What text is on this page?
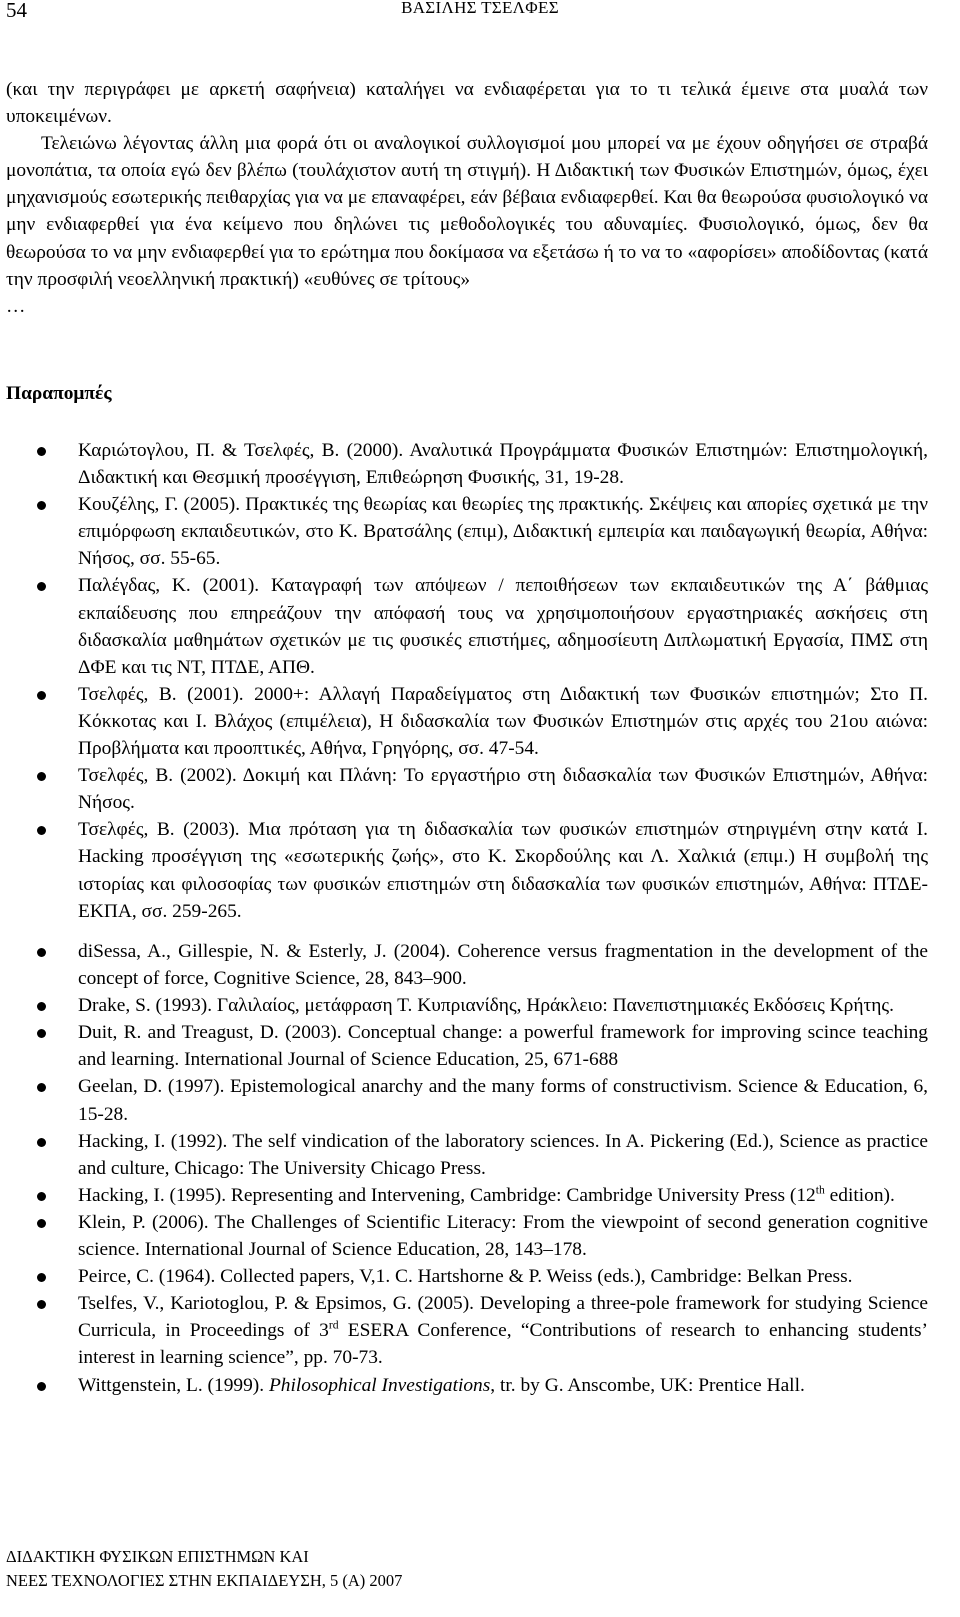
54	ΒΑΣΙΛΗΣ ΤΣΕΛΦΕΣ

(και την περιγράφει με αρκετή σαφήνεια) καταλήγει να ενδιαφέρεται για το τι τελικά έμεινε στα μυαλά των υποκειμένων.

Τελειώνω λέγοντας άλλη μια φορά ότι οι αναλογικοί συλλογισμοί μου μπορεί να με έχουν οδηγήσει σε στραβά μονοπάτια, τα οποία εγώ δεν βλέπω (τουλάχιστον αυτή τη στιγμή). Η Διδακτική των Φυσικών Επιστημών, όμως, έχει μηχανισμούς εσωτερικής πειθαρχίας για να με επαναφέρει, εάν βέβαια ενδιαφερθεί. Και θα θεωρούσα φυσιολογικό να μην ενδιαφερθεί για ένα κείμενο που δηλώνει τις μεθοδολογικές του αδυναμίες. Φυσιολογικό, όμως, δεν θα θεωρούσα το να μην ενδιαφερθεί για το ερώτημα που δοκίμασα να εξετάσω ή το να το «αφορίσει» αποδίδοντας (κατά την προσφιλή νεοελληνική πρακτική) «ευθύνες σε τρίτους»

…

Παραπομπές
Καριώτογλου, Π. & Τσελφές, Β. (2000). Αναλυτικά Προγράμματα Φυσικών Επιστημών: Επιστημολογική, Διδακτική και Θεσμική προσέγγιση, Επιθεώρηση Φυσικής, 31, 19-28.
Κουζέλης, Γ. (2005). Πρακτικές της θεωρίας και θεωρίες της πρακτικής. Σκέψεις και απορίες σχετικά με την επιμόρφωση εκπαιδευτικών, στο Κ. Βρατσάλης (επιμ), Διδακτική εμπειρία και παιδαγωγική θεωρία, Αθήνα: Νήσος, σσ. 55-65.
Παλέγδας, Κ. (2001). Καταγραφή των απόψεων / πεποιθήσεων των εκπαιδευτικών της Α΄ βάθμιας εκπαίδευσης που επηρεάζουν την απόφασή τους να χρησιμοποιήσουν εργαστηριακές ασκήσεις στη διδασκαλία μαθημάτων σχετικών με τις φυσικές επιστήμες, αδημοσίευτη Διπλωματική Εργασία, ΠΜΣ στη ΔΦΕ και τις ΝΤ, ΠΤΔΕ, ΑΠΘ.
Τσελφές, Β. (2001). 2000+: Αλλαγή Παραδείγματος στη Διδακτική των Φυσικών επιστημών; Στο Π. Κόκκοτας και Ι. Βλάχος (επιμέλεια), Η διδασκαλία των Φυσικών Επιστημών στις αρχές του 21ου αιώνα: Προβλήματα και προοπτικές, Αθήνα, Γρηγόρης, σσ. 47-54.
Τσελφές, Β. (2002). Δοκιμή και Πλάνη: Το εργαστήριο στη διδασκαλία των Φυσικών Επιστημών, Αθήνα: Νήσος.
Τσελφές, Β. (2003). Μια πρόταση για τη διδασκαλία των φυσικών επιστημών στηριγμένη στην κατά Ι. Hacking προσέγγιση της «εσωτερικής ζωής», στο Κ. Σκορδούλης και Λ. Χαλκιά (επιμ.) Η συμβολή της ιστορίας και φιλοσοφίας των φυσικών επιστημών στη διδασκαλία των φυσικών επιστημών, Αθήνα: ΠΤΔΕ-ΕΚΠΑ, σσ. 259-265.
diSessa, A., Gillespie, N. & Esterly, J. (2004). Coherence versus fragmentation in the development of the concept of force, Cognitive Science, 28, 843–900.
Drake, S. (1993). Γαλιλαίος, μετάφραση Τ. Κυπριανίδης, Ηράκλειο: Πανεπιστημιακές Εκδόσεις Κρήτης.
Duit, R. and Treagust, D. (2003). Conceptual change: a powerful framework for improving scince teaching and learning. International Journal of Science Education, 25, 671-688
Geelan, D. (1997). Epistemological anarchy and the many forms of constructivism. Science & Education, 6, 15-28.
Hacking, I. (1992). The self vindication of the laboratory sciences. In A. Pickering (Ed.), Science as practice and culture, Chicago: The University Chicago Press.
Hacking, I. (1995). Representing and Intervening, Cambridge: Cambridge University Press (12th edition).
Klein, P. (2006). The Challenges of Scientific Literacy: From the viewpoint of second generation cognitive science. International Journal of Science Education, 28, 143–178.
Peirce, C. (1964). Collected papers, V,1. C. Hartshorne & P. Weiss (eds.), Cambridge: Belkan Press.
Tselfes, V., Kariotoglou, P. & Epsimos, G. (2005). Developing a three-pole framework for studying Science Curricula, in Proceedings of 3rd ESERA Conference, “Contributions of research to enhancing students’ interest in learning science”, pp. 70-73.
Wittgenstein, L. (1999). Philosophical Investigations, tr. by G. Anscombe, UK: Prentice Hall.
ΔΙΔΑΚΤΙΚΗ ΦΥΣΙΚΩΝ ΕΠΙΣΤΗΜΩΝ ΚΑΙ
ΝΕΕΣ ΤΕΧΝΟΛΟΓΙΕΣ ΣΤΗΝ ΕΚΠΑΙΔΕΥΣΗ, 5 (Α) 2007
